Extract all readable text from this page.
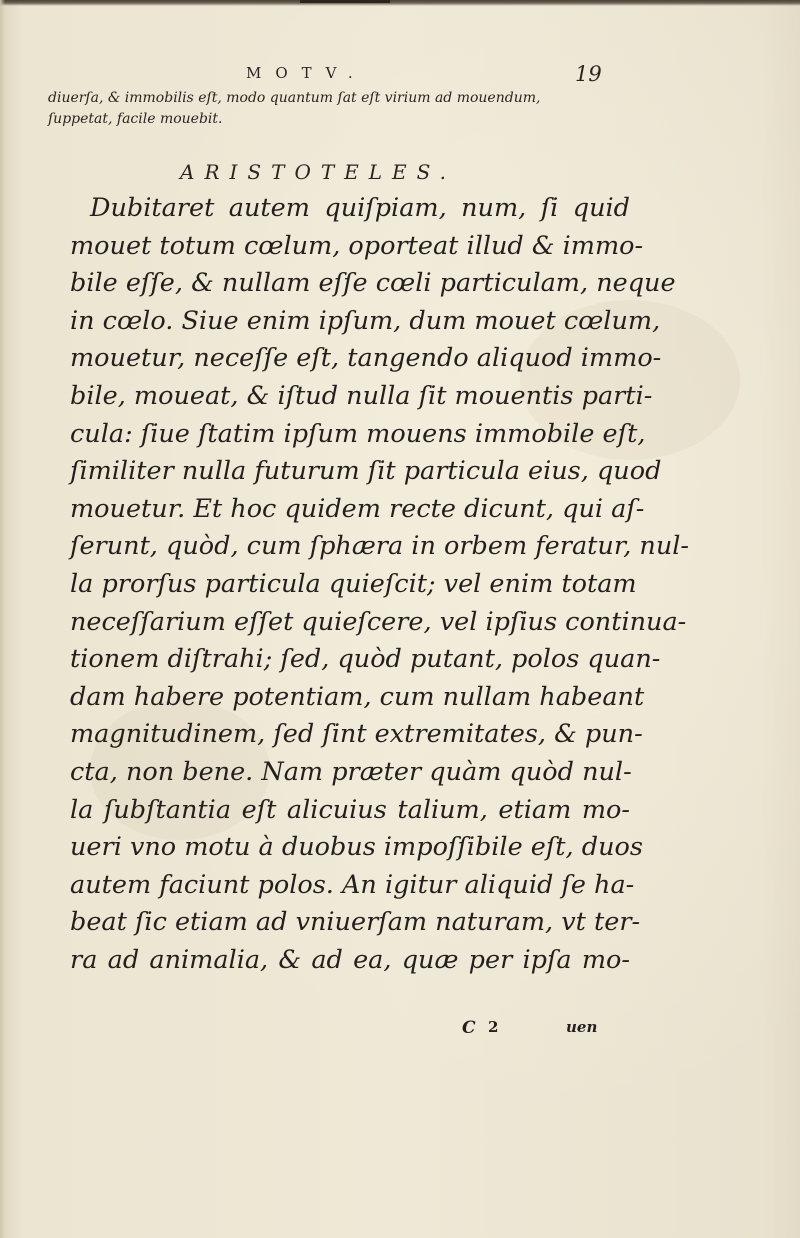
MOTV.	19
diuerſa, & immobilis eſt, modo quantum ſat eſt virium ad mouendum,
ſuppetat, facile mouebit.
ARISTOTELES.
Dubitaret autem quiſpiam, num, ſi quid
mouet totum cœlum, oporteat illud & immo-
bile eſſe, & nullam eſſe cœli particulam, neque
in cœlo. Siue enim ipſum, dum mouet cœlum,
mouetur, neceſſe eſt, tangendo aliquod immo-
bile, moueat, & iſtud nulla ſit mouentis parti-
cula: ſiue ſtatim ipſum mouens immobile eſt,
ſimiliter nulla futurum ſit particula eius, quod
mouetur. Et hoc quidem recte dicunt, qui aſ-
ſerunt, quòd, cum ſphæra in orbem feratur, nul-
la prorſus particula quieſcit; vel enim totam
neceſſarium eſſet quieſcere, vel ipſius continua-
tionem diſtrahi; ſed, quòd putant, polos quan-
dam habere potentiam, cum nullam habeant
magnitudinem, ſed ſint extremitates, & pun-
cta, non bene. Nam præter quàm quòd nul-
la ſubſtantia eſt alicuius talium, etiam mo-
ueri vno motu à duobus impoſſibile eſt, duos
autem faciunt polos. An igitur aliquid ſe ha-
beat ſic etiam ad vniuerſam naturam, vt ter-
ra ad animalia, & ad ea, quæ per ipſa mo-
C 2	uen
